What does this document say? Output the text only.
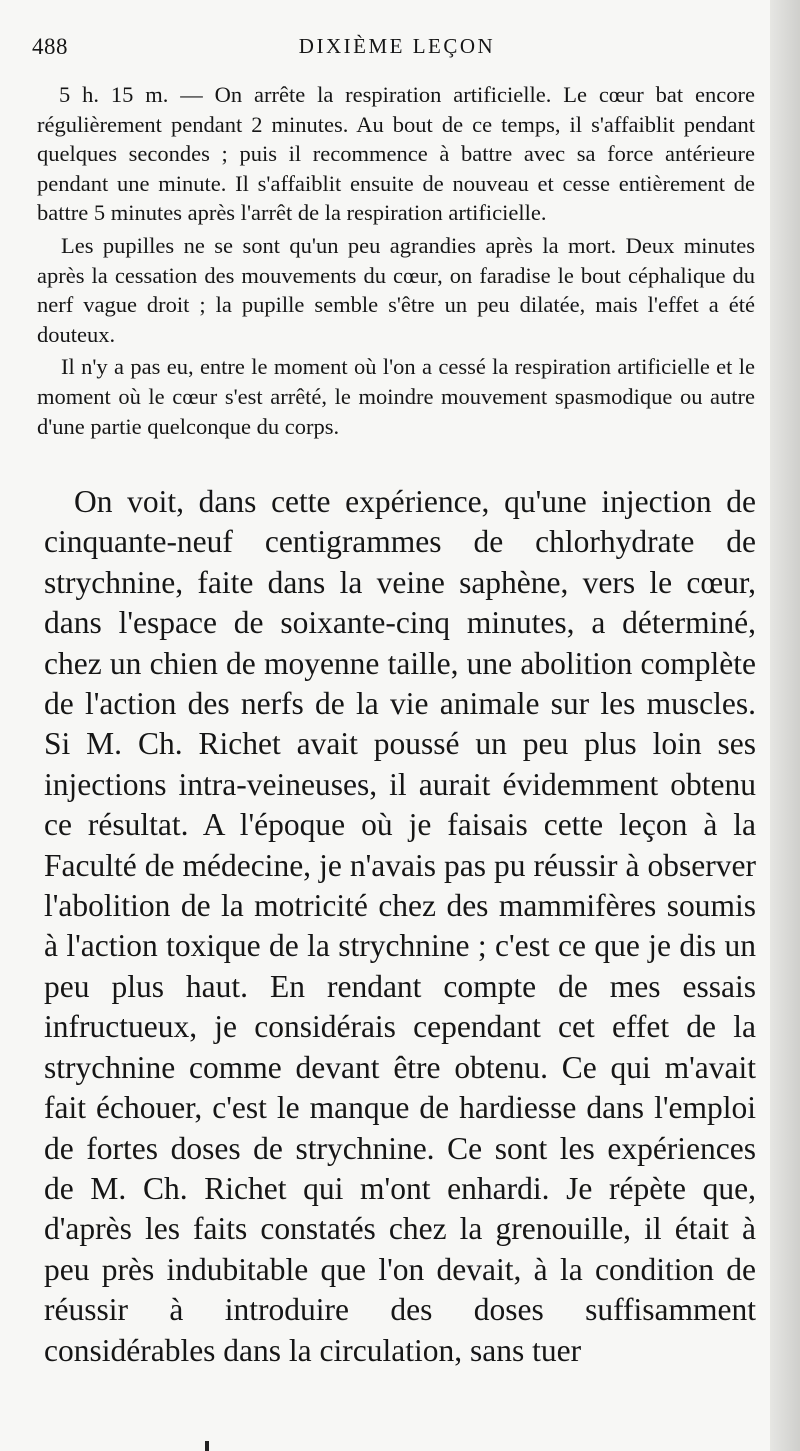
488	DIXIÈME LEÇON

5 h. 15 m. — On arrête la respiration artificielle. Le cœur bat encore régulièrement pendant 2 minutes. Au bout de ce temps, il s'affaiblit pendant quelques secondes ; puis il recommence à battre avec sa force antérieure pendant une minute. Il s'affaiblit ensuite de nouveau et cesse entièrement de battre 5 minutes après l'arrêt de la respiration artificielle.

Les pupilles ne se sont qu'un peu agrandies après la mort. Deux minutes après la cessation des mouvements du cœur, on faradise le bout céphalique du nerf vague droit ; la pupille semble s'être un peu dilatée, mais l'effet a été douteux.

Il n'y a pas eu, entre le moment où l'on a cessé la respiration artificielle et le moment où le cœur s'est arrêté, le moindre mouvement spasmodique ou autre d'une partie quelconque du corps.

On voit, dans cette expérience, qu'une injection de cinquante-neuf centigrammes de chlorhydrate de strychnine, faite dans la veine saphène, vers le cœur, dans l'espace de soixante-cinq minutes, a déterminé, chez un chien de moyenne taille, une abolition complète de l'action des nerfs de la vie animale sur les muscles. Si M. Ch. Richet avait poussé un peu plus loin ses injections intra-veineuses, il aurait évidemment obtenu ce résultat. A l'époque où je faisais cette leçon à la Faculté de médecine, je n'avais pas pu réussir à observer l'abolition de la motricité chez des mammifères soumis à l'action toxique de la strychnine ; c'est ce que je dis un peu plus haut. En rendant compte de mes essais infructueux, je considérais cependant cet effet de la strychnine comme devant être obtenu. Ce qui m'avait fait échouer, c'est le manque de hardiesse dans l'emploi de fortes doses de strychnine. Ce sont les expériences de M. Ch. Richet qui m'ont enhardi. Je répète que, d'après les faits constatés chez la grenouille, il était à peu près indubitable que l'on devait, à la condition de réussir à introduire des doses suffisamment considérables dans la circulation, sans tuer
